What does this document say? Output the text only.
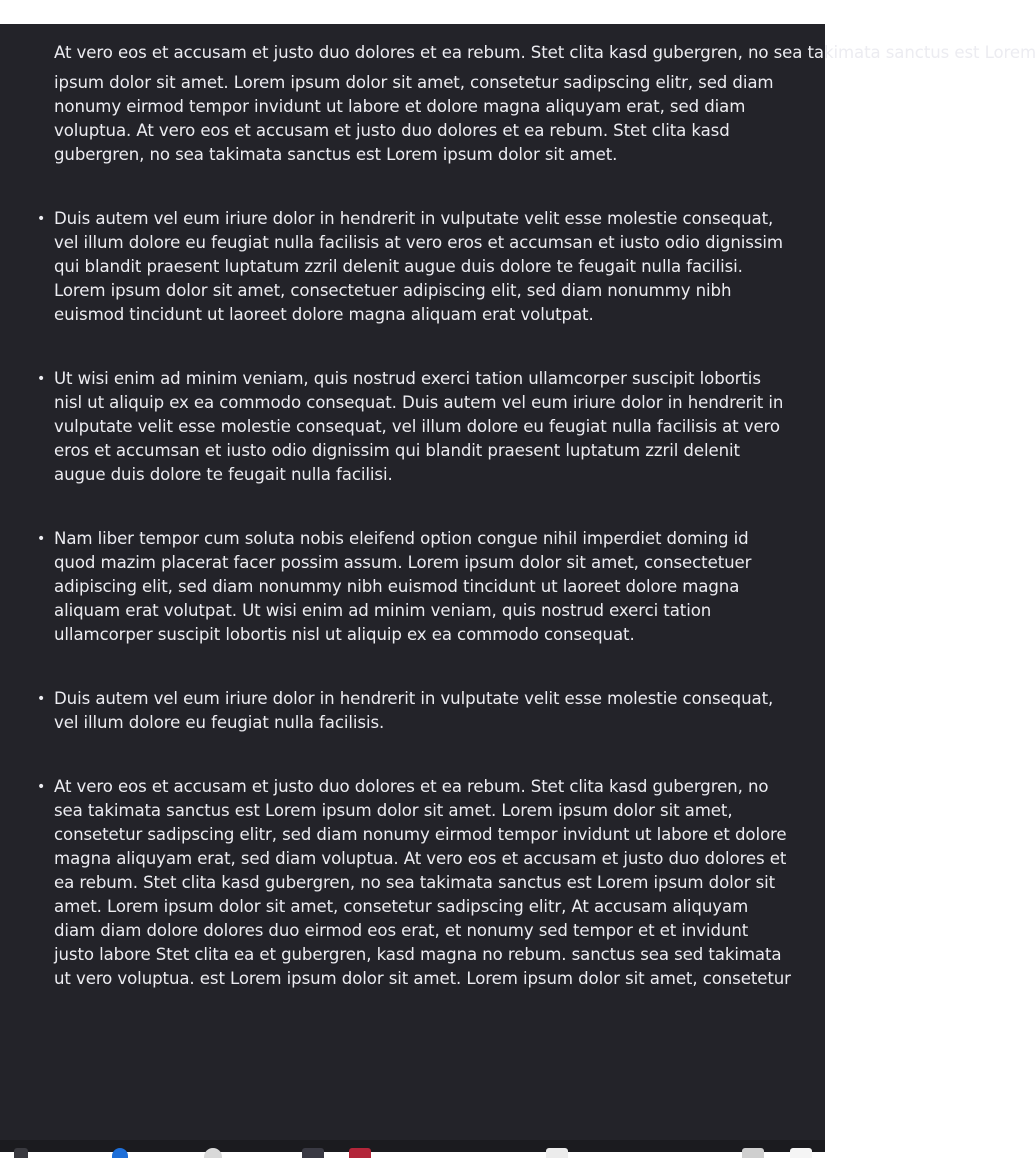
At vero eos et accusam et justo duo dolores et ea rebum. Stet clita kasd gubergren, no sea takimata sanctus est Lorem

ipsum dolor sit amet. Lorem ipsum dolor sit amet, consetetur sadipscing elitr, sed diam nonumy eirmod tempor invidunt ut labore et dolore magna aliquyam erat, sed diam voluptua. At vero eos et accusam et justo duo dolores et ea rebum. Stet clita kasd gubergren, no sea takimata sanctus est Lorem ipsum dolor sit amet.

• Duis autem vel eum iriure dolor in hendrerit in vulputate velit esse molestie consequat, vel illum dolore eu feugiat nulla facilisis at vero eros et accumsan et iusto odio dignissim qui blandit praesent luptatum zzril delenit augue duis dolore te feugait nulla facilisi. Lorem ipsum dolor sit amet, consectetuer adipiscing elit, sed diam nonummy nibh euismod tincidunt ut laoreet dolore magna aliquam erat volutpat.
• Ut wisi enim ad minim veniam, quis nostrud exerci tation ullamcorper suscipit lobortis nisl ut aliquip ex ea commodo consequat. Duis autem vel eum iriure dolor in hendrerit in vulputate velit esse molestie consequat, vel illum dolore eu feugiat nulla facilisis at vero eros et accumsan et iusto odio dignissim qui blandit praesent luptatum zzril delenit augue duis dolore te feugait nulla facilisi.
• Nam liber tempor cum soluta nobis eleifend option congue nihil imperdiet doming id quod mazim placerat facer possim assum. Lorem ipsum dolor sit amet, consectetuer adipiscing elit, sed diam nonummy nibh euismod tincidunt ut laoreet dolore magna aliquam erat volutpat. Ut wisi enim ad minim veniam, quis nostrud exerci tation ullamcorper suscipit lobortis nisl ut aliquip ex ea commodo consequat.
• Duis autem vel eum iriure dolor in hendrerit in vulputate velit esse molestie consequat, vel illum dolore eu feugiat nulla facilisis.
• At vero eos et accusam et justo duo dolores et ea rebum. Stet clita kasd gubergren, no sea takimata sanctus est Lorem ipsum dolor sit amet. Lorem ipsum dolor sit amet, consetetur sadipscing elitr, sed diam nonumy eirmod tempor invidunt ut labore et dolore magna aliquyam erat, sed diam voluptua. At vero eos et accusam et justo duo dolores et ea rebum. Stet clita kasd gubergren, no sea takimata sanctus est Lorem ipsum dolor sit amet. Lorem ipsum dolor sit amet, consetetur sadipscing elitr, At accusam aliquyam diam diam dolore dolores duo eirmod eos erat, et nonumy sed tempor et et invidunt justo labore Stet clita ea et gubergren, kasd magna no rebum. sanctus sea sed takimata ut vero voluptua. est Lorem ipsum dolor sit amet. Lorem ipsum dolor sit amet, consetetur
